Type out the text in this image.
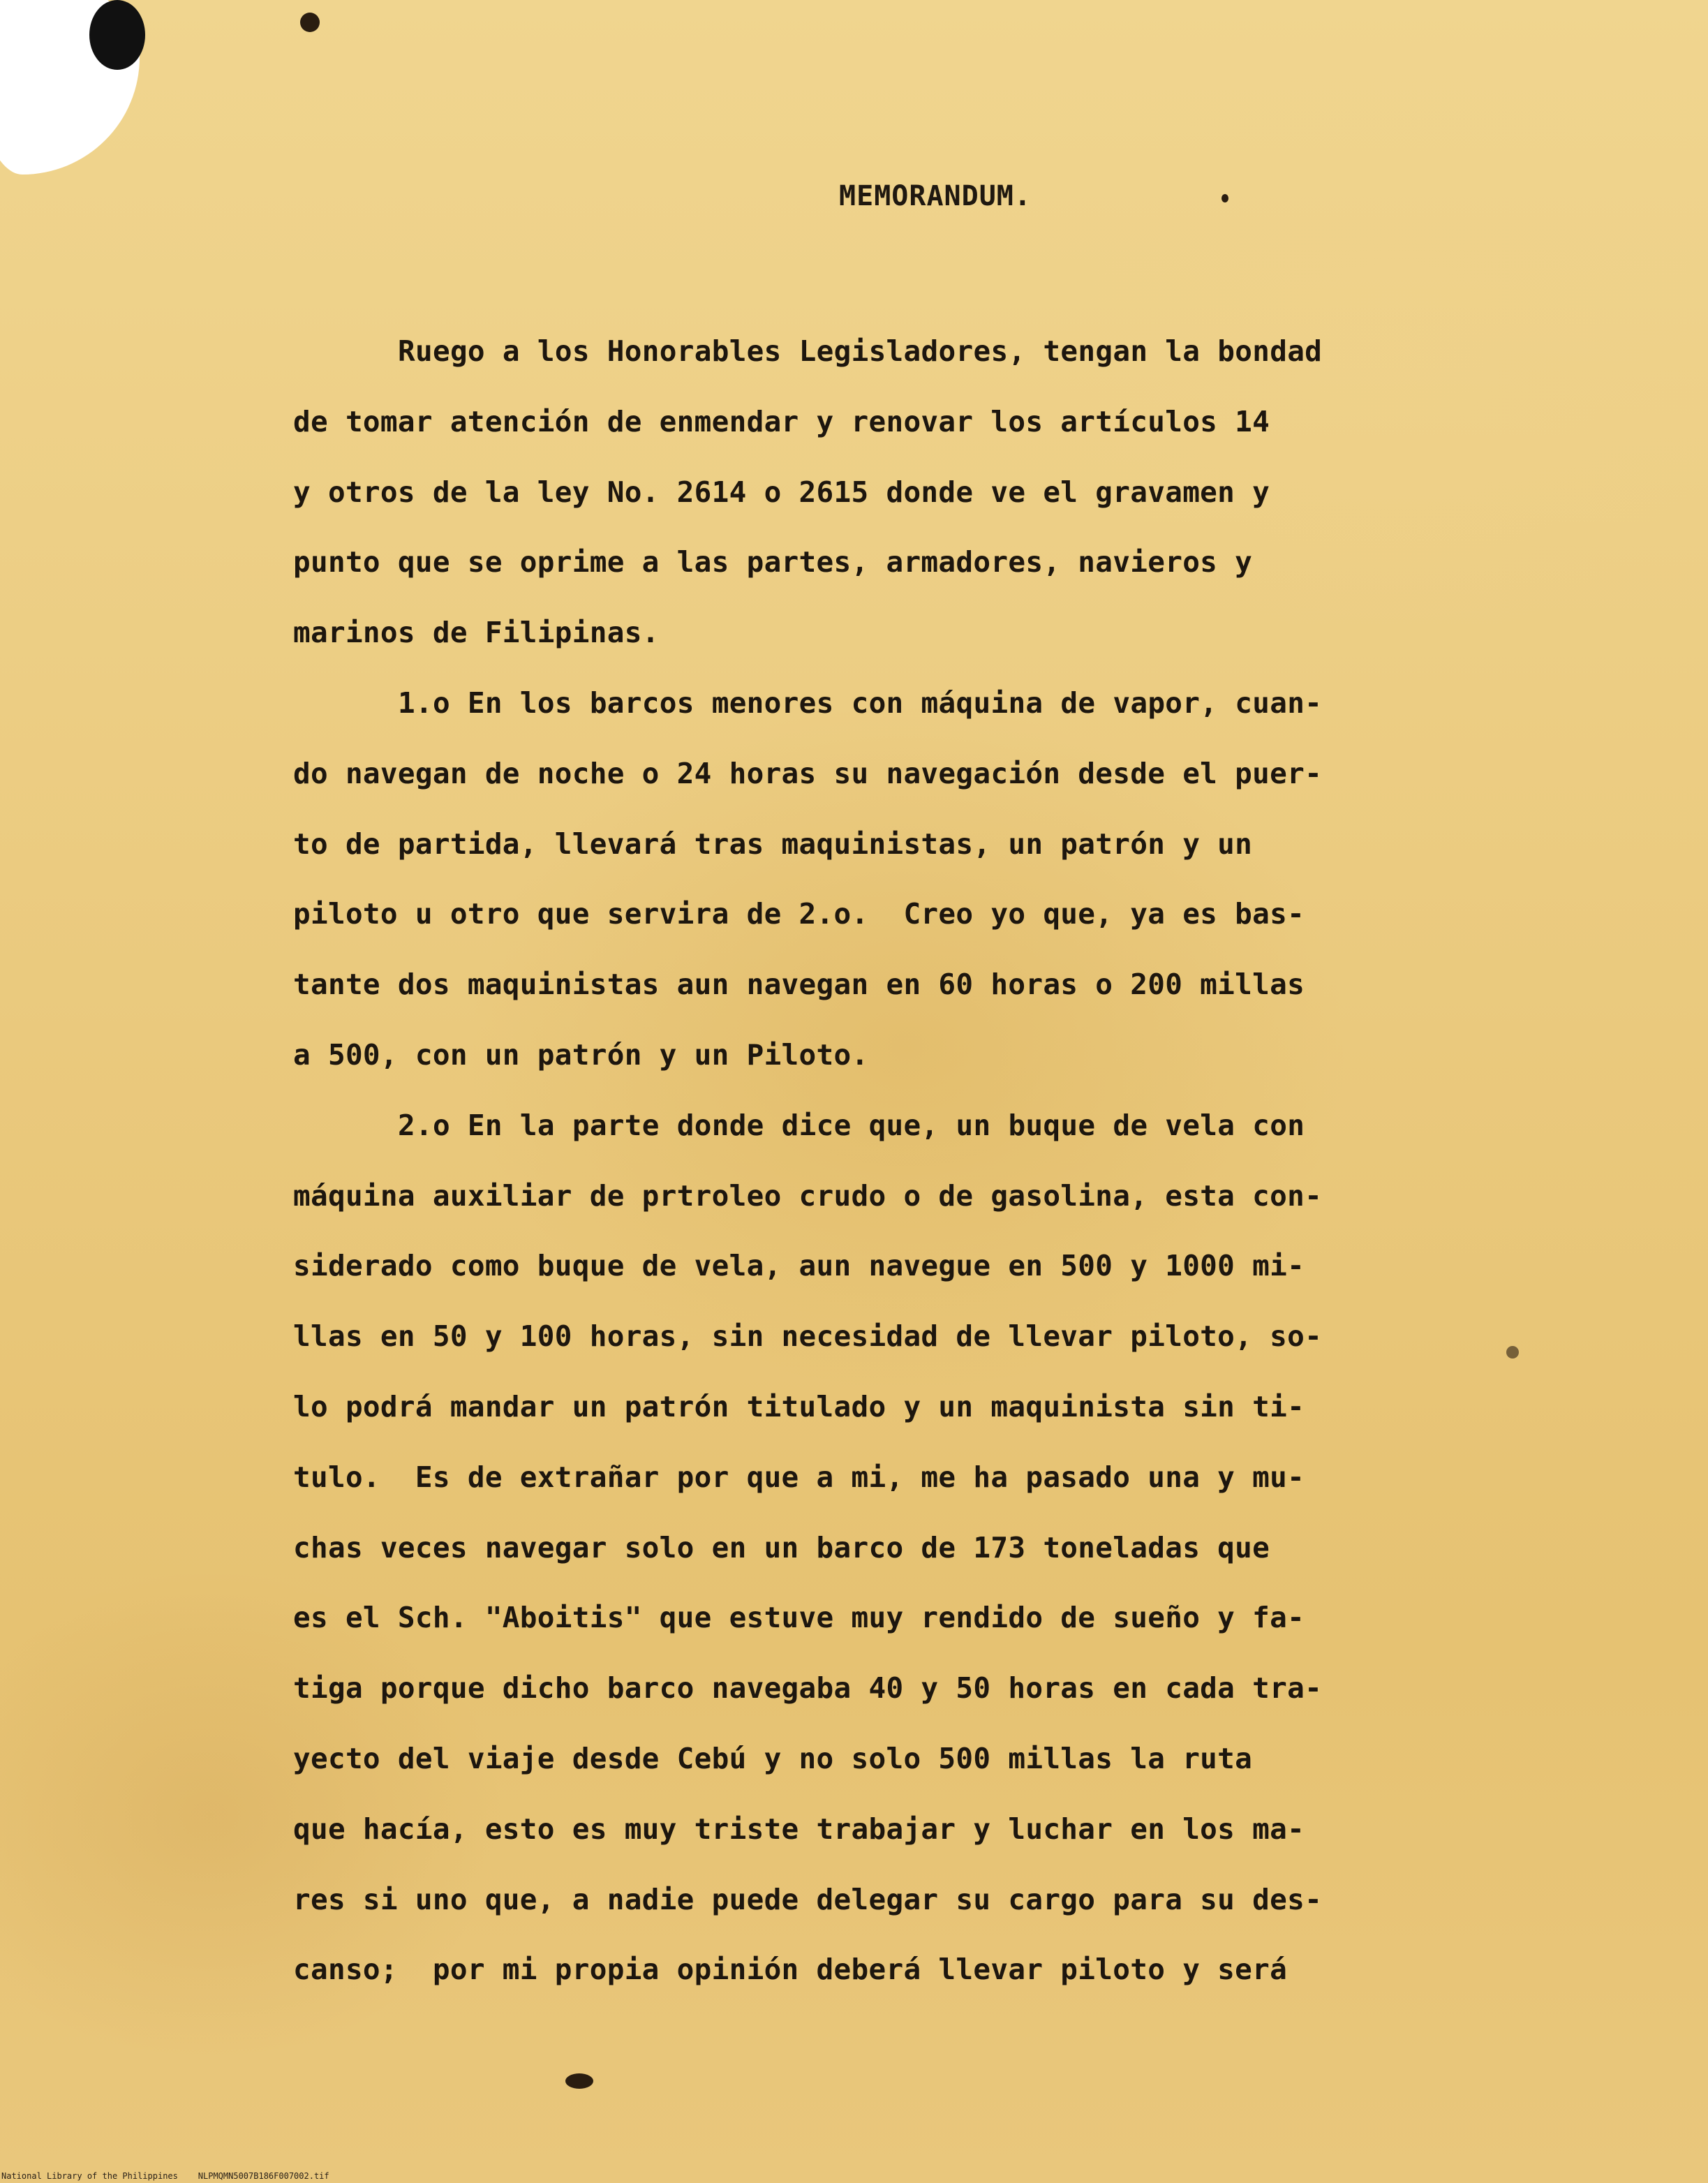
MEMORANDUM.
Ruego a los Honorables Legisladores, tengan la bondad
de tomar atención de enmendar y renovar los artículos 14
y otros de la ley No. 2614 o 2615 donde ve el gravamen y
punto que se oprime a las partes, armadores, navieros y
marinos de Filipinas.
1.o En los barcos menores con máquina de vapor, cuan-
do navegan de noche o 24 horas su navegación desde el puer-
to de partida, llevará tras maquinistas, un patrón y un
piloto u otro que servira de 2.o.  Creo yo que, ya es bas-
tante dos maquinistas aun navegan en 60 horas o 200 millas
a 500, con un patrón y un Piloto.
2.o En la parte donde dice que, un buque de vela con
máquina auxiliar de prtroleo crudo o de gasolina, esta con-
siderado como buque de vela, aun navegue en 500 y 1000 mi-
llas en 50 y 100 horas, sin necesidad de llevar piloto, so-
lo podrá mandar un patrón titulado y un maquinista sin ti-
tulo.  Es de extrañar por que a mi, me ha pasado una y mu-
chas veces navegar solo en un barco de 173 toneladas que
es el Sch. "Aboitis" que estuve muy rendido de sueño y fa-
tiga porque dicho barco navegaba 40 y 50 horas en cada tra-
yecto del viaje desde Cebú y no solo 500 millas la ruta
que hacía, esto es muy triste trabajar y luchar en los ma-
res si uno que, a nadie puede delegar su cargo para su des-
canso;  por mi propia opinión deberá llevar piloto y será
National Library of the Philippines NLPMQMN5007B186F007002.tif
